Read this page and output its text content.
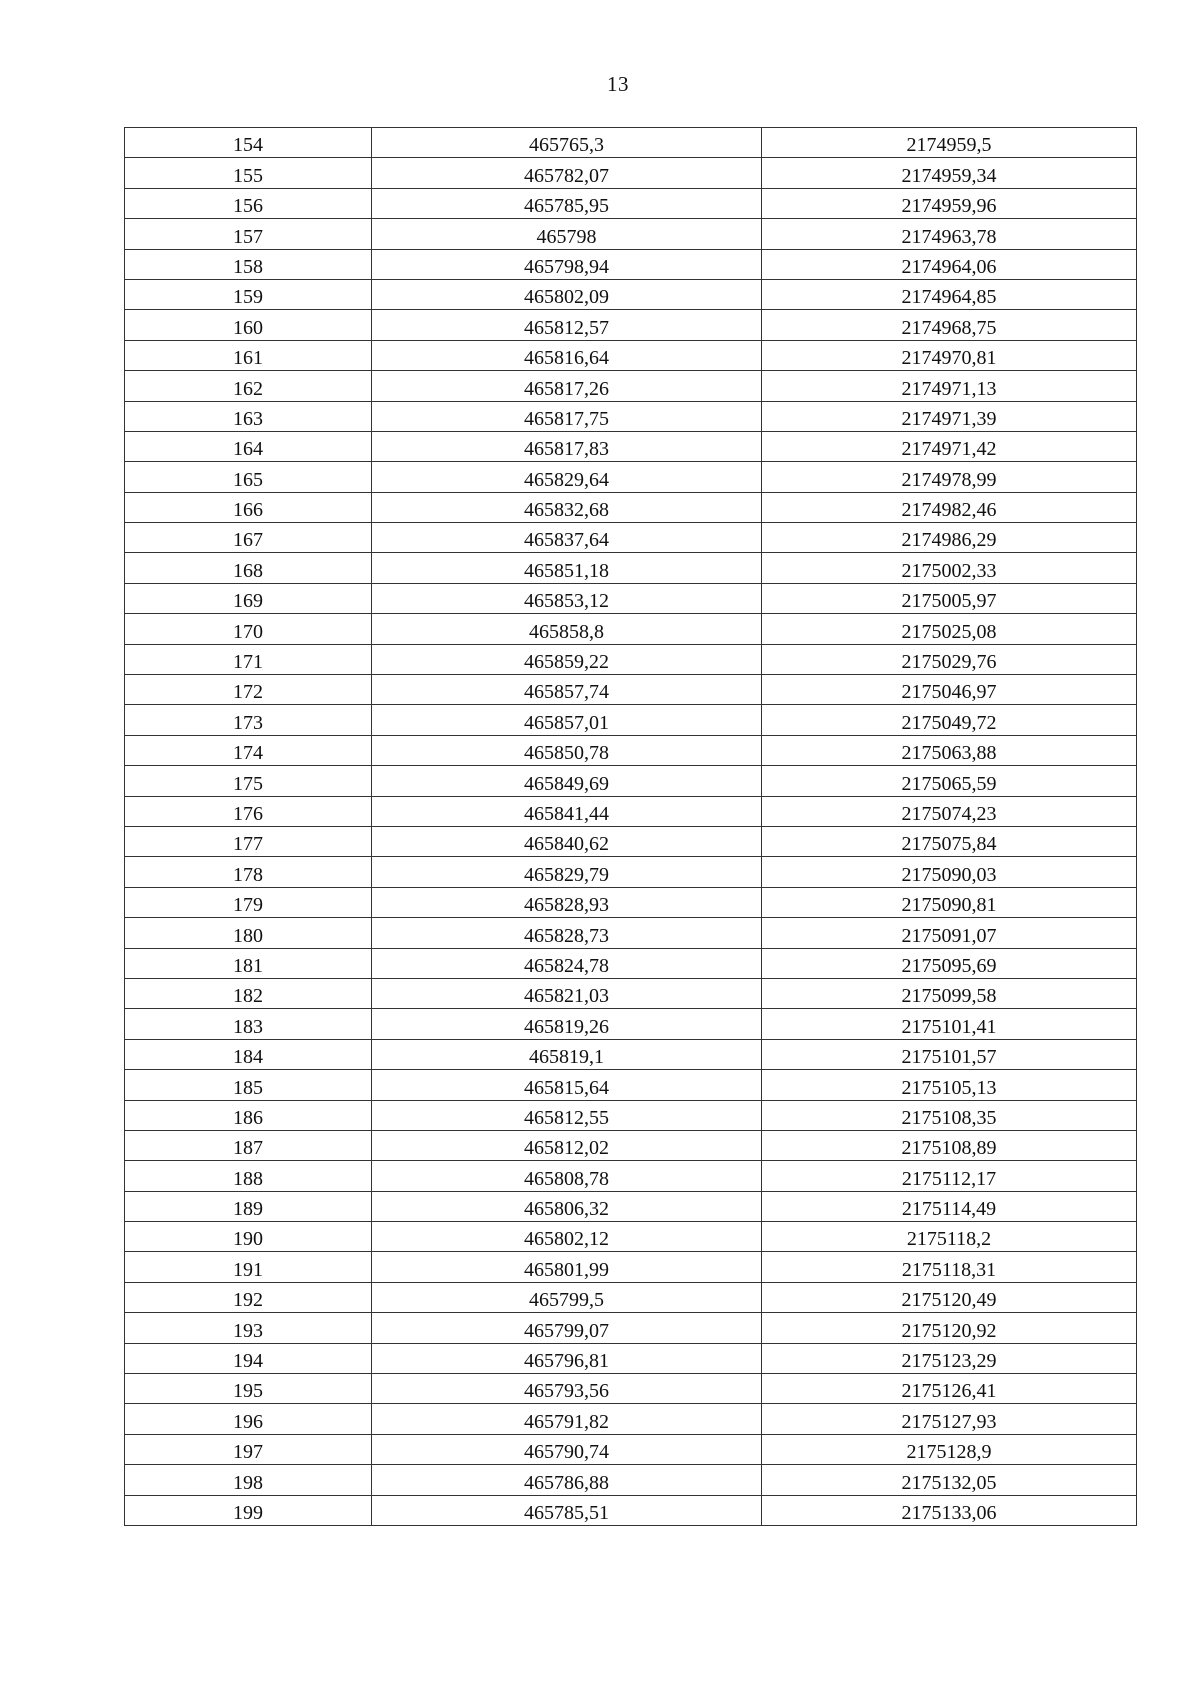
13
154	465765,3	2174959,5
155	465782,07	2174959,34
156	465785,95	2174959,96
157	465798	2174963,78
158	465798,94	2174964,06
159	465802,09	2174964,85
160	465812,57	2174968,75
161	465816,64	2174970,81
162	465817,26	2174971,13
163	465817,75	2174971,39
164	465817,83	2174971,42
165	465829,64	2174978,99
166	465832,68	2174982,46
167	465837,64	2174986,29
168	465851,18	2175002,33
169	465853,12	2175005,97
170	465858,8	2175025,08
171	465859,22	2175029,76
172	465857,74	2175046,97
173	465857,01	2175049,72
174	465850,78	2175063,88
175	465849,69	2175065,59
176	465841,44	2175074,23
177	465840,62	2175075,84
178	465829,79	2175090,03
179	465828,93	2175090,81
180	465828,73	2175091,07
181	465824,78	2175095,69
182	465821,03	2175099,58
183	465819,26	2175101,41
184	465819,1	2175101,57
185	465815,64	2175105,13
186	465812,55	2175108,35
187	465812,02	2175108,89
188	465808,78	2175112,17
189	465806,32	2175114,49
190	465802,12	2175118,2
191	465801,99	2175118,31
192	465799,5	2175120,49
193	465799,07	2175120,92
194	465796,81	2175123,29
195	465793,56	2175126,41
196	465791,82	2175127,93
197	465790,74	2175128,9
198	465786,88	2175132,05
199	465785,51	2175133,06
